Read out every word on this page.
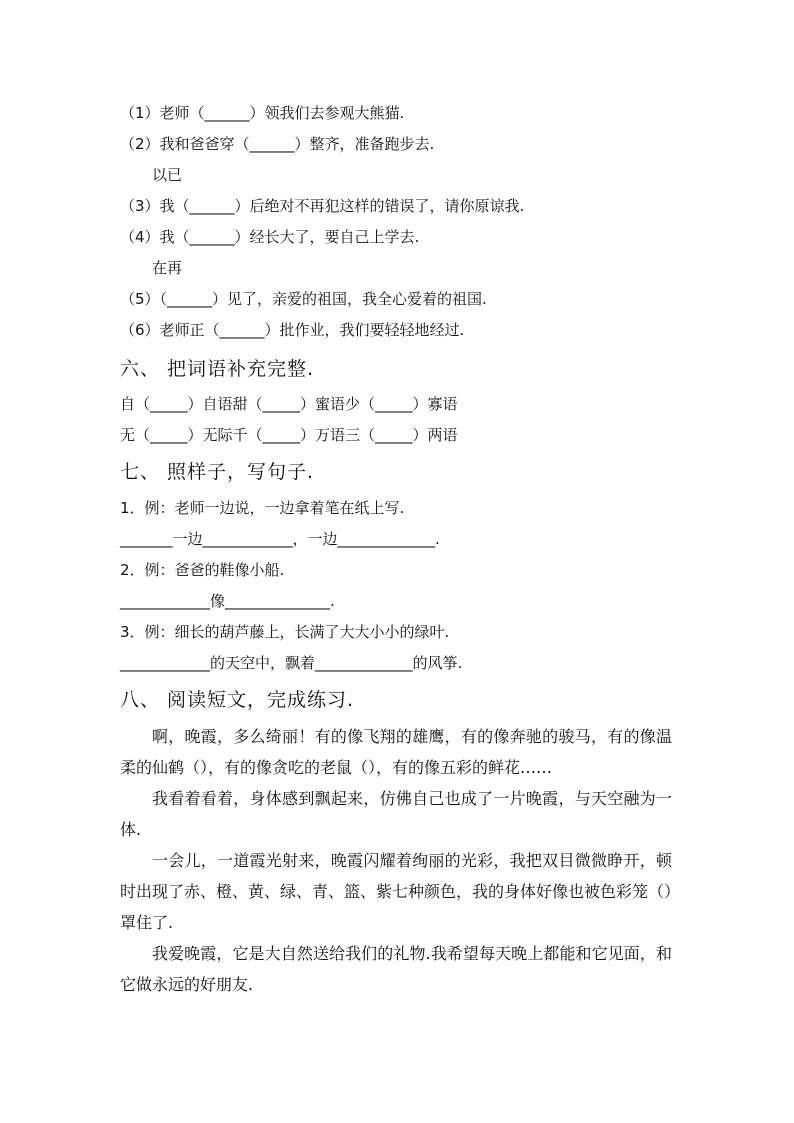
（1）老师（______）领我们去参观大熊猫.
（2）我和爸爸穿（______）整齐，准备跑步去.
以已
（3）我（______）后绝对不再犯这样的错误了，请你原谅我.
（4）我（______）经长大了，要自己上学去.
在再
（5）（______）见了，亲爱的祖国，我全心爱着的祖国.
（6）老师正（______）批作业，我们要轻轻地经过.
六、 把词语补充完整.
自（_____）自语甜（_____）蜜语少（_____）寡语
无（_____）无际千（_____）万语三（_____）两语
七、 照样子，写句子.
1．例：老师一边说，一边拿着笔在纸上写.
_______一边____________，一边_____________.
2．例：爸爸的鞋像小船.
____________像______________.
3．例：细长的葫芦藤上，长满了大大小小的绿叶.
____________的天空中，飘着_____________的风筝.
八、 阅读短文，完成练习.

啊，晚霞，多么绮丽！有的像飞翔的雄鹰，有的像奔驰的骏马，有的像温柔的仙鹤（），有的像贪吃的老鼠（），有的像五彩的鲜花……

我看着看着，身体感到飘起来，仿佛自己也成了一片晚霞，与天空融为一体.

一会儿，一道霞光射来，晚霞闪耀着绚丽的光彩，我把双目微微睁开，顿时出现了赤、橙、黄、绿、青、篮、紫七种颜色，我的身体好像也被色彩笼（）罩住了.

我爱晚霞，它是大自然送给我们的礼物.我希望每天晚上都能和它见面，和它做永远的好朋友.
